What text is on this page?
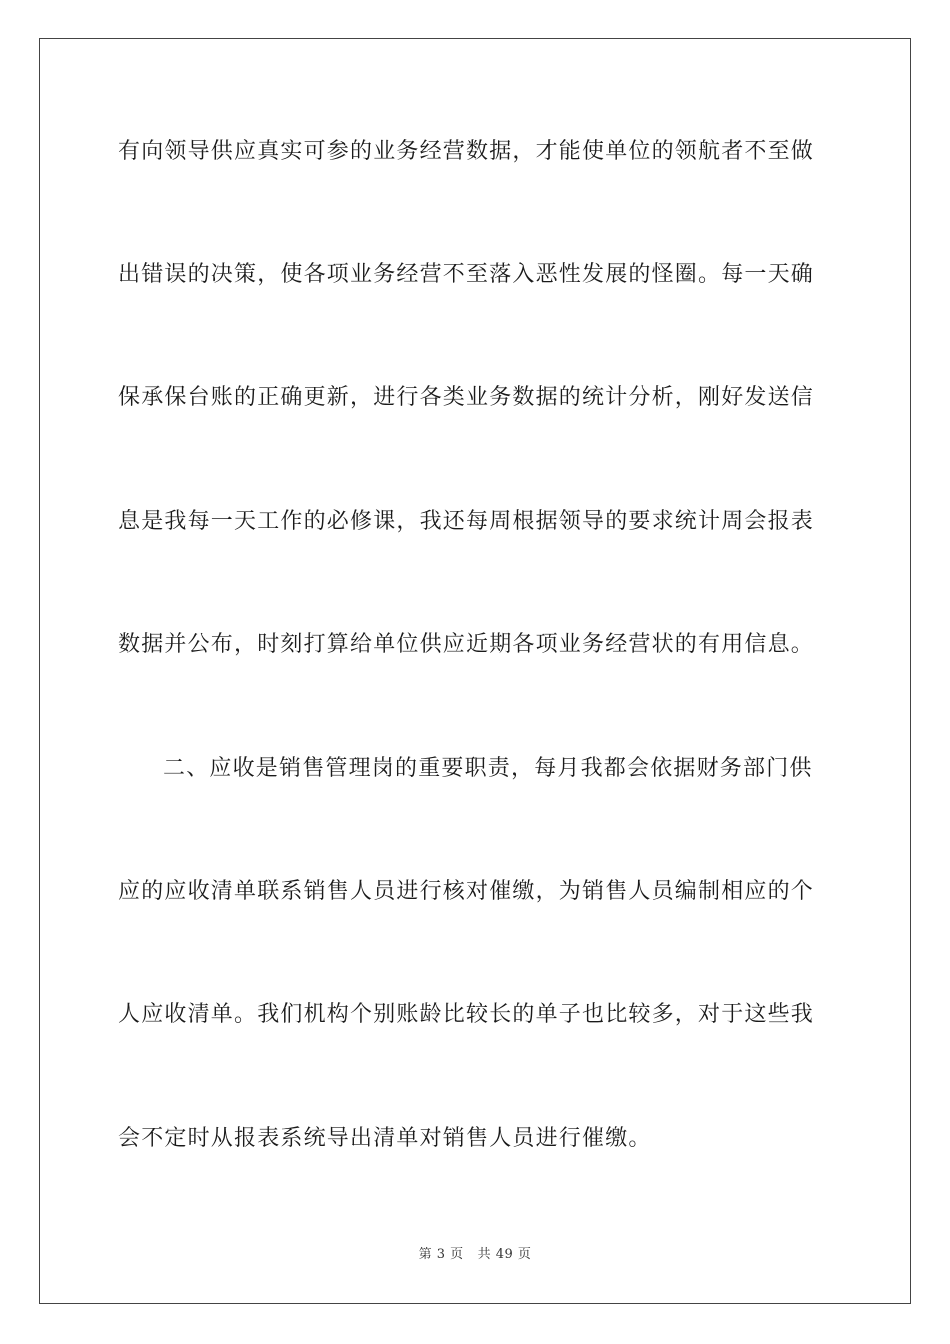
有向领导供应真实可参的业务经营数据，才能使单位的领航者不至做
出错误的决策，使各项业务经营不至落入恶性发展的怪圈。每一天确
保承保台账的正确更新，进行各类业务数据的统计分析，刚好发送信
息是我每一天工作的必修课，我还每周根据领导的要求统计周会报表
数据并公布，时刻打算给单位供应近期各项业务经营状的有用信息。
二、应收是销售管理岗的重要职责，每月我都会依据财务部门供
应的应收清单联系销售人员进行核对催缴，为销售人员编制相应的个
人应收清单。我们机构个别账龄比较长的单子也比较多，对于这些我
会不定时从报表系统导出清单对销售人员进行催缴。
第 3 页 共 49 页
